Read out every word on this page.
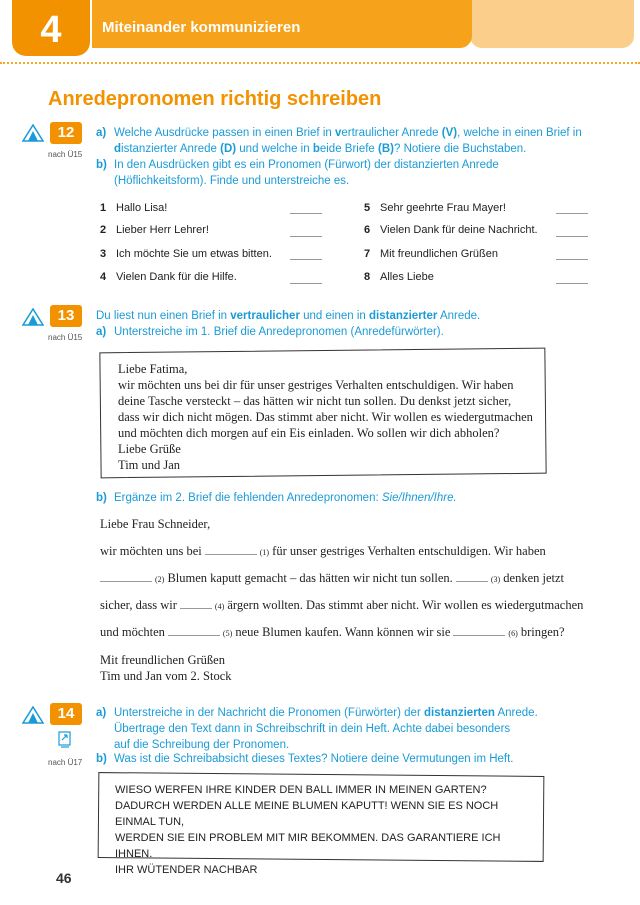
Miteinander kommunizieren
4
Anredepronomen richtig schreiben
12
nach Ü15
a) Welche Ausdrücke passen in einen Brief in vertraulicher Anrede (V), welche in einen Brief in
distanzierter Anrede (D) und welche in beide Briefe (B)? Notiere die Buchstaben.
b) In den Ausdrücken gibt es ein Pronomen (Fürwort) der distanzierten Anrede
(Höflichkeitsform). Finde und unterstreiche es.
1 Hallo Lisa!
2 Lieber Herr Lehrer!
3 Ich möchte Sie um etwas bitten.
4 Vielen Dank für die Hilfe.
5 Sehr geehrte Frau Mayer!
6 Vielen Dank für deine Nachricht.
7 Mit freundlichen Grüßen
8 Alles Liebe
13
nach Ü15
Du liest nun einen Brief in vertraulicher und einen in distanzierter Anrede.
a) Unterstreiche im 1. Brief die Anredepronomen (Anredefürwörter).
Liebe Fatima,
wir möchten uns bei dir für unser gestriges Verhalten entschuldigen. Wir haben
deine Tasche versteckt – das hätten wir nicht tun sollen. Du denkst jetzt sicher,
dass wir dich nicht mögen. Das stimmt aber nicht. Wir wollen es wiedergutmachen
und möchten dich morgen auf ein Eis einladen. Wo sollen wir dich abholen?
Liebe Grüße
Tim und Jan
b) Ergänze im 2. Brief die fehlenden Anredepronomen: Sie/Ihnen/Ihre.
Liebe Frau Schneider,
wir möchten uns bei	(1) für unser gestriges Verhalten entschuldigen. Wir haben
(2) Blumen kaputt gemacht – das hätten wir nicht tun sollen.	(3) denken jetzt
sicher, dass wir	(4) ärgern wollten. Das stimmt aber nicht. Wir wollen es wiedergutmachen
und möchten	(5) neue Blumen kaufen. Wann können wir sie	(6) bringen?
Mit freundlichen Grüßen
Tim und Jan vom 2. Stock
14
nach Ü17
a) Unterstreiche in der Nachricht die Pronomen (Fürwörter) der distanzierten Anrede.
Übertrage den Text dann in Schreibschrift in dein Heft. Achte dabei besonders
auf die Schreibung der Pronomen.
b) Was ist die Schreibabsicht dieses Textes? Notiere deine Vermutungen im Heft.
WIESO WERFEN IHRE KINDER DEN BALL IMMER IN MEINEN GARTEN?
DADURCH WERDEN ALLE MEINE BLUMEN KAPUTT! WENN SIE ES NOCH EINMAL TUN,
WERDEN SIE EIN PROBLEM MIT MIR BEKOMMEN. DAS GARANTIERE ICH IHNEN.
IHR WÜTENDER NACHBAR
46
